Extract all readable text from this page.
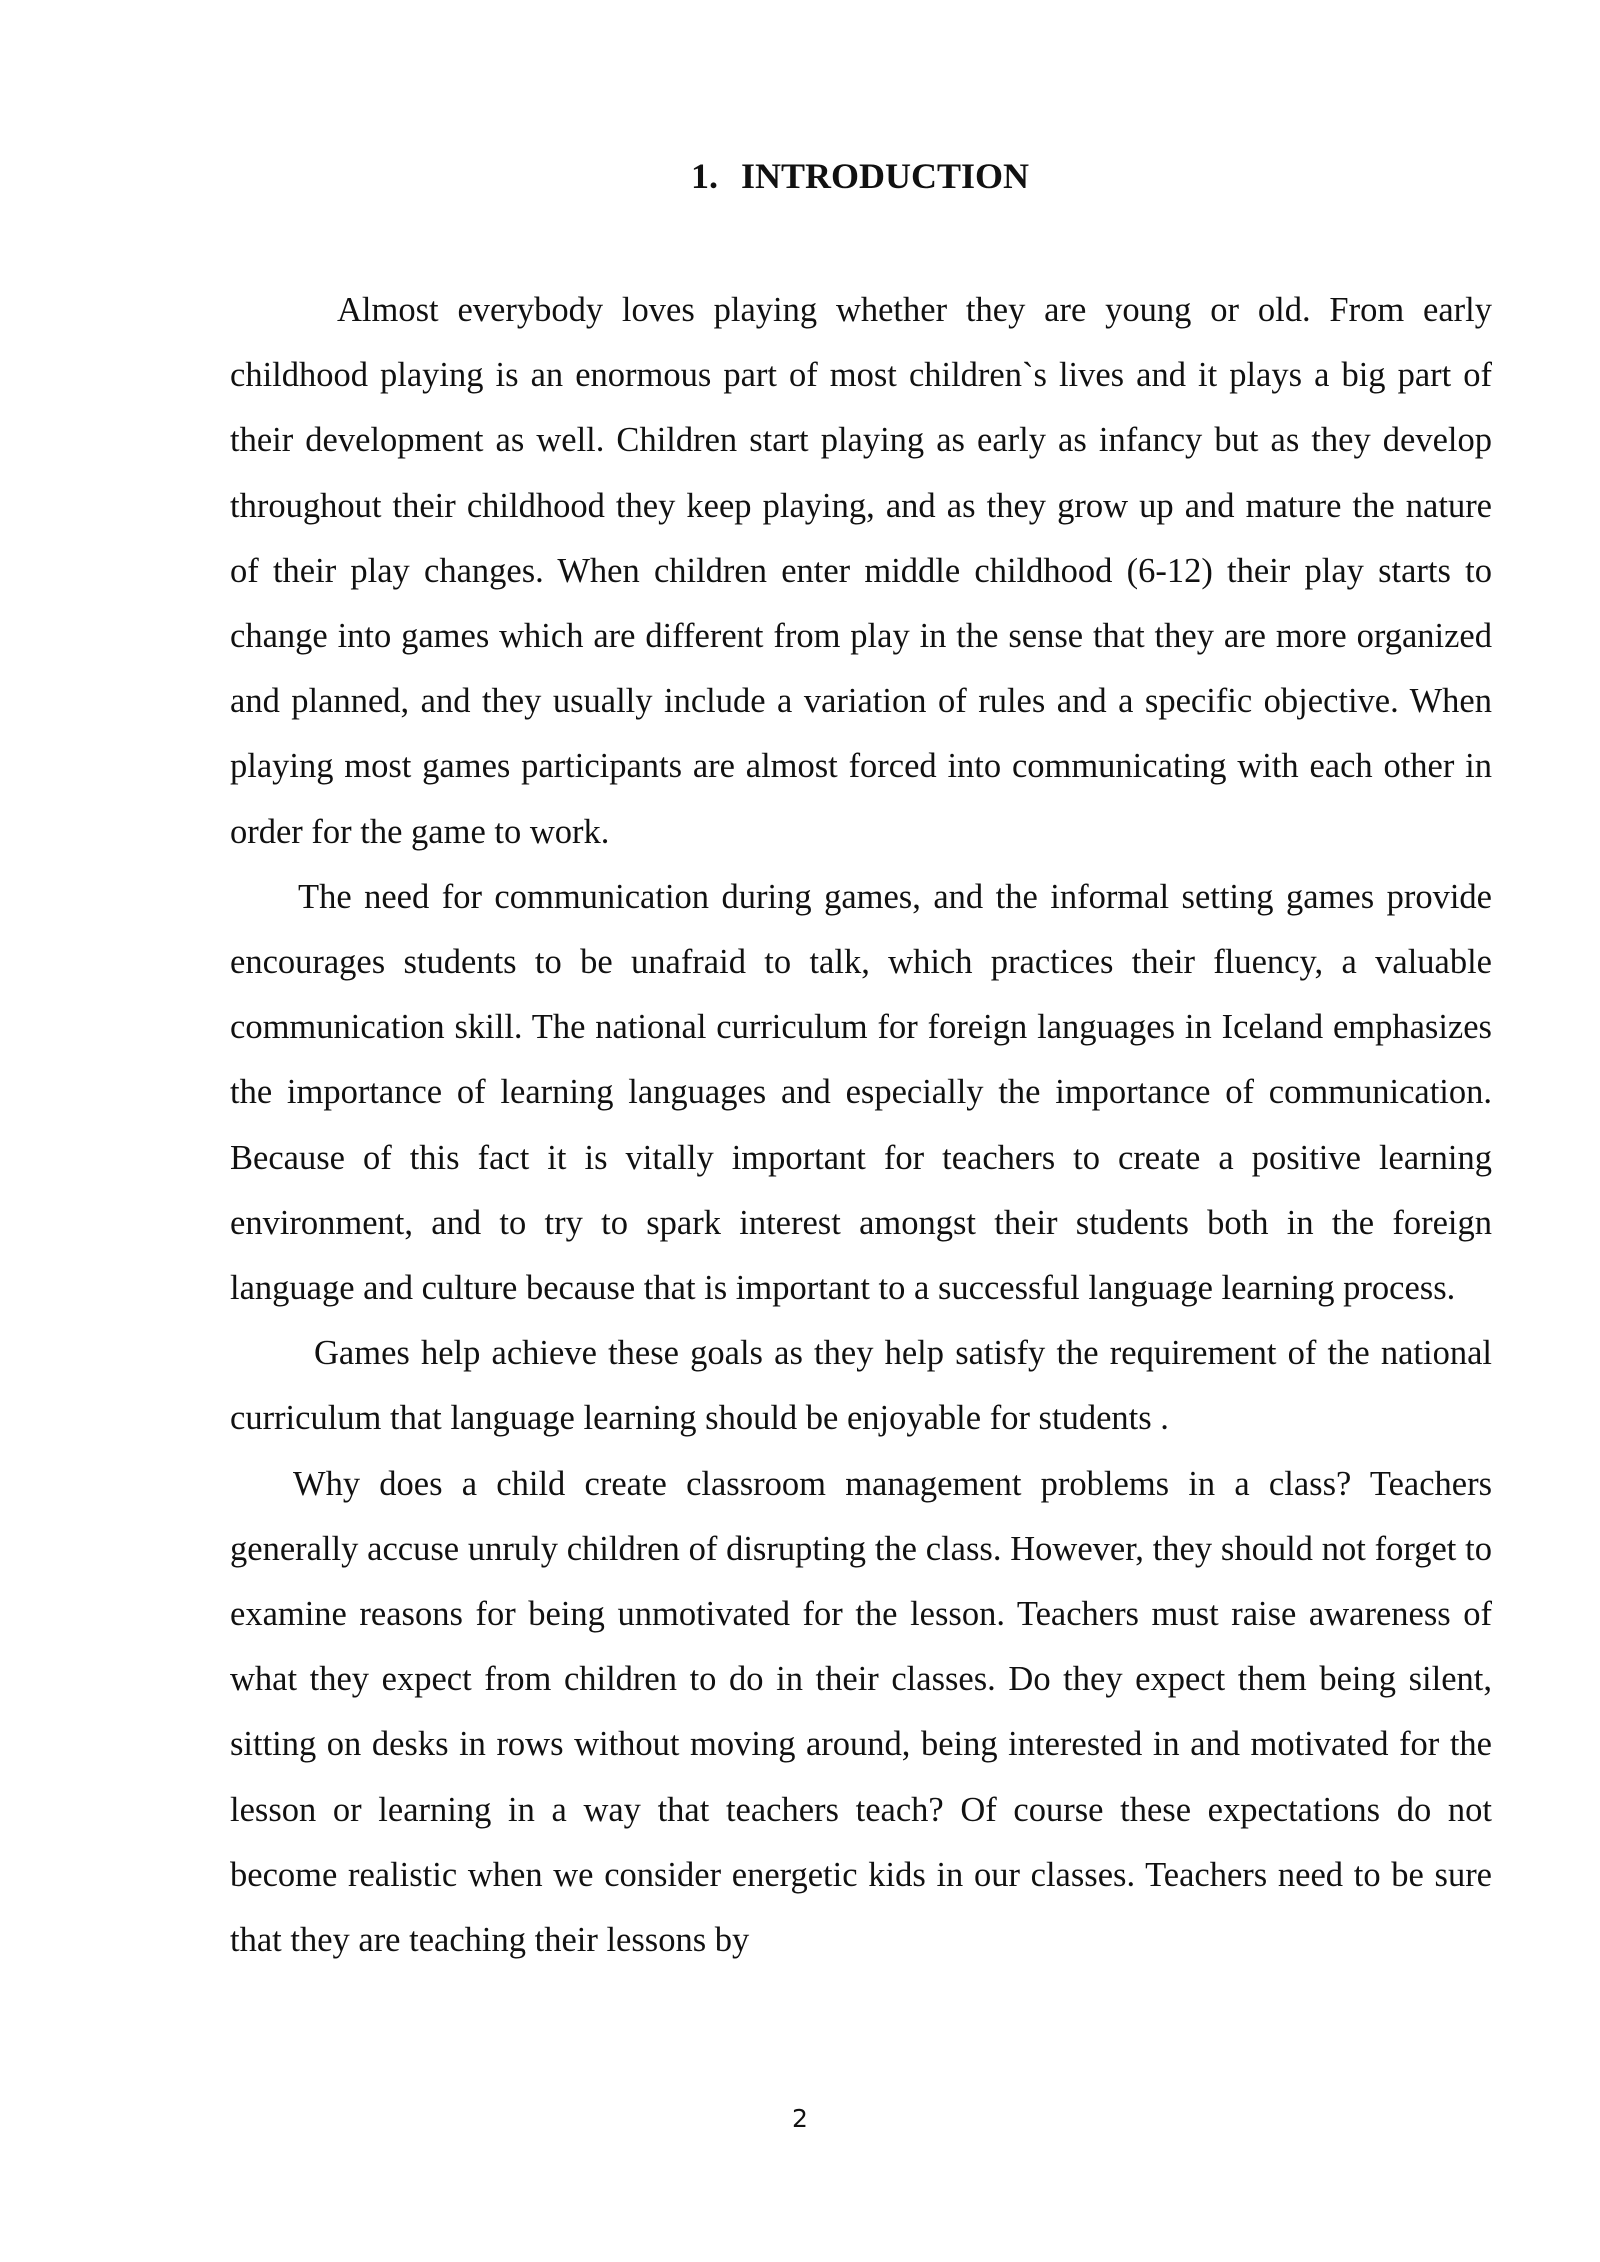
1. INTRODUCTION

Almost everybody loves playing whether they are young or old. From early childhood playing is an enormous part of most children`s lives and it plays a big part of their development as well. Children start playing as early as infancy but as they develop throughout their childhood they keep playing, and as they grow up and mature the nature of their play changes. When children enter middle childhood (6-12) their play starts to change into games which are different from play in the sense that they are more organized and planned, and they usually include a variation of rules and a specific objective. When playing most games participants are almost forced into communicating with each other in order for the game to work.

The need for communication during games, and the informal setting games provide encourages students to be unafraid to talk, which practices their fluency, a valuable communication skill. The national curriculum for foreign languages in Iceland emphasizes the importance of learning languages and especially the importance of communication. Because of this fact it is vitally important for teachers to create a positive learning environment, and to try to spark interest amongst their students both in the foreign language and culture because that is important to a successful language learning process.

Games help achieve these goals as they help satisfy the requirement of the national curriculum that language learning should be enjoyable for students .

Why does a child create classroom management problems in a class? Teachers generally accuse unruly children of disrupting the class. However, they should not forget to examine reasons for being unmotivated for the lesson. Teachers must raise awareness of what they expect from children to do in their classes. Do they expect them being silent, sitting on desks in rows without moving around, being interested in and motivated for the lesson or learning in a way that teachers teach? Of course these expectations do not become realistic when we consider energetic kids in our classes. Teachers need to be sure that they are teaching their lessons by

2
